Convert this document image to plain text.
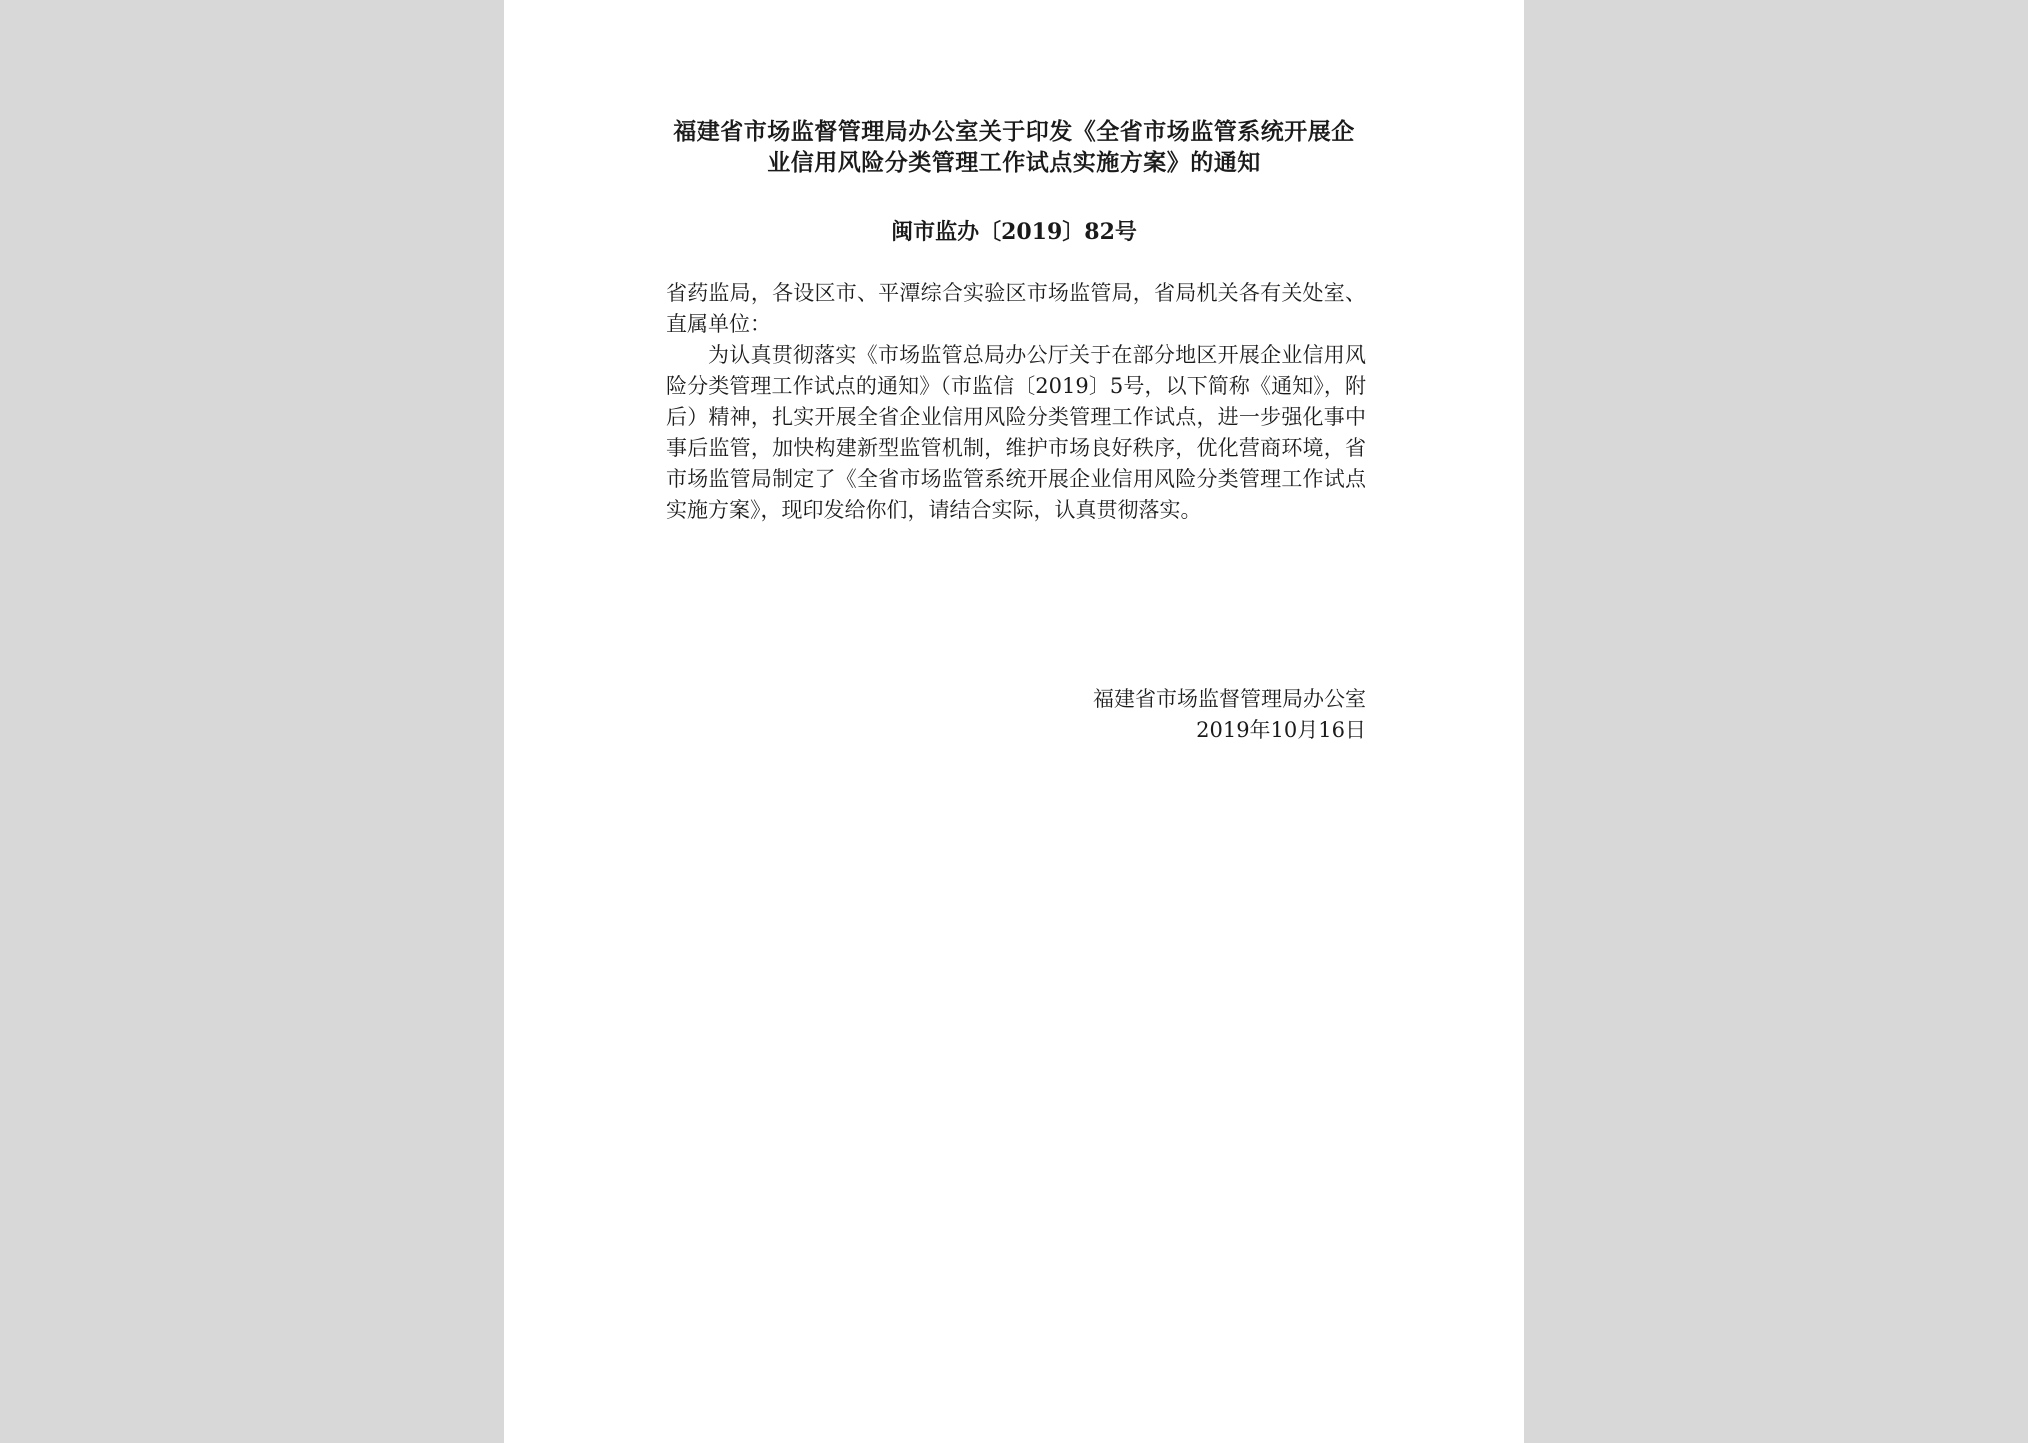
福建省市场监督管理局办公室关于印发《全省市场监管系统开展企
业信用风险分类管理工作试点实施方案》的通知
闽市监办〔2019〕82号

省药监局，各设区市、平潭综合实验区市场监管局，省局机关各有关处室、直属单位：

为认真贯彻落实《市场监管总局办公厅关于在部分地区开展企业信用风险分类管理工作试点的通知》（市监信〔2019〕5号，以下简称《通知》，附后）精神，扎实开展全省企业信用风险分类管理工作试点，进一步强化事中事后监管，加快构建新型监管机制，维护市场良好秩序，优化营商环境，省市场监管局制定了《全省市场监管系统开展企业信用风险分类管理工作试点实施方案》，现印发给你们，请结合实际，认真贯彻落实。

福建省市场监督管理局办公室
2019年10月16日
